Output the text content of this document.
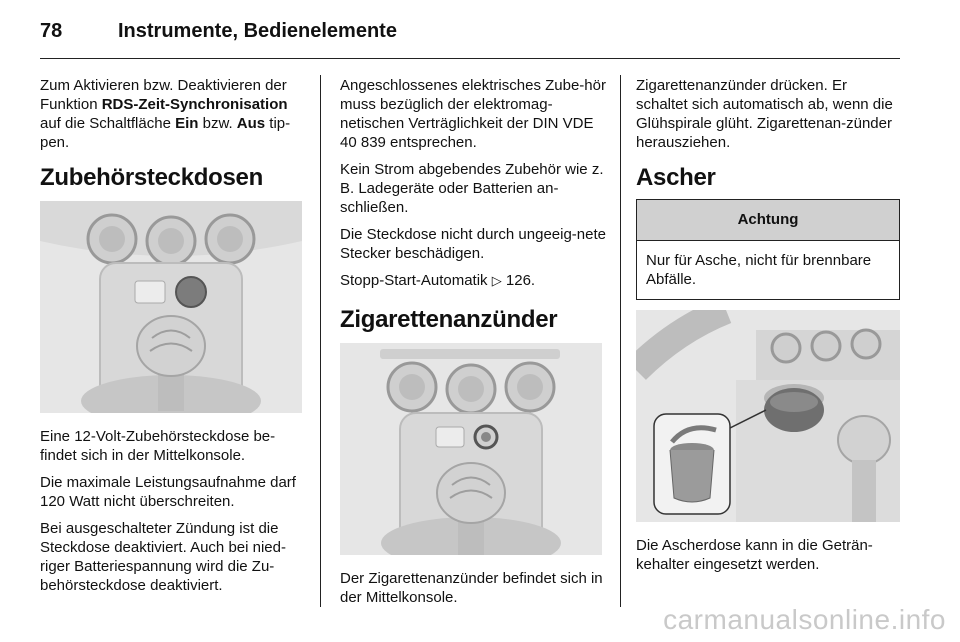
78	Instrumente, Bedienelemente

Zum Aktivieren bzw. Deaktivieren der Funktion RDS-Zeit-Synchronisation auf die Schaltfläche Ein bzw. Aus tip-pen.

Zubehörsteckdosen

Eine 12-Volt-Zubehörsteckdose be-findet sich in der Mittelkonsole.

Die maximale Leistungsaufnahme darf 120 Watt nicht überschreiten.

Bei ausgeschalteter Zündung ist die Steckdose deaktiviert. Auch bei nied-riger Batteriespannung wird die Zu-behörsteckdose deaktiviert.

Angeschlossenes elektrisches Zube-hör muss bezüglich der elektromag-netischen Verträglichkeit der DIN VDE 40 839 entsprechen.

Kein Strom abgebendes Zubehör wie z. B. Ladegeräte oder Batterien an-schließen.

Die Steckdose nicht durch ungeeig-nete Stecker beschädigen.

Stopp-Start-Automatik ▷ 126.

Zigarettenanzünder

Der Zigarettenanzünder befindet sich in der Mittelkonsole.

Zigarettenanzünder drücken. Er schaltet sich automatisch ab, wenn die Glühspirale glüht. Zigarettenan-zünder herausziehen.

Ascher
Achtung
Nur für Asche, nicht für brennbare Abfälle.

Die Ascherdose kann in die Geträn-kehalter eingesetzt werden.

carmanualsonline.info
